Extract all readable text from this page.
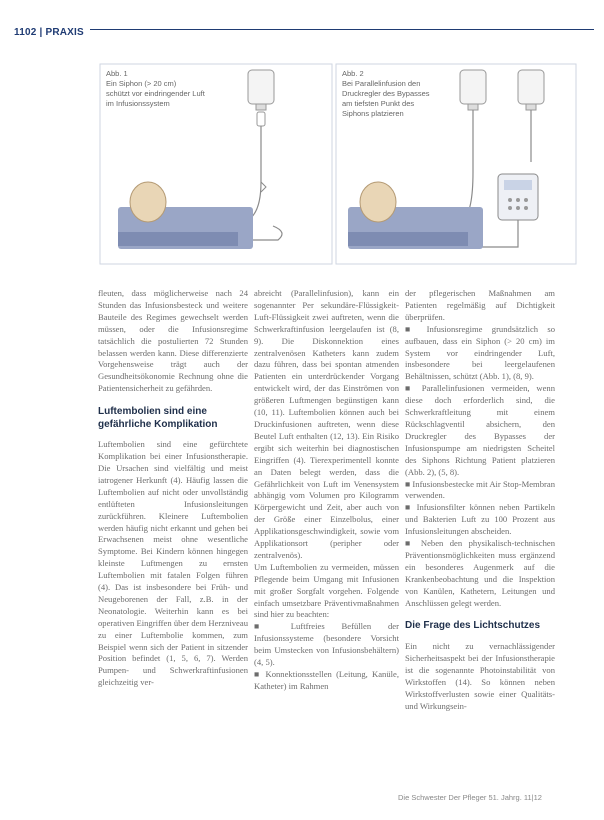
1102 | PRAXIS
Abb. 1 Ein Siphon (> 20 cm) schützt vor eindringender Luft im Infusionssystem
Abb. 2 Bei Parallelinfusion den Druckregler des Bypasses am tiefsten Punkt des Siphons platzieren

fleuten, dass möglicherweise nach 24 Stunden das Infusionsbesteck und weitere Bauteile des Regimes gewechselt werden müssen, oder die Infusionsregime tatsächlich die postulierten 72 Stunden belassen werden kann. Diese differenzierte Vorgehensweise trägt auch der Gesundheitsökonomie Rechnung ohne die Patientensicherheit zu gefährden.

Luftembolien sind eine gefährliche Komplikation

Luftembolien sind eine gefürchtete Komplikation bei einer Infusionstherapie. Die Ursachen sind vielfältig und meist iatrogener Herkunft (4). Häufig lassen die Luftembolien auf nicht oder unvollständig entlüfteten Infusionsleitungen zurückführen. Kleinere Luftembolien werden häufig nicht erkannt und gehen bei Erwachsenen meist ohne wesentliche Symptome. Bei Kindern können hingegen kleinste Luftmengen zu ernsten Luftembolien mit fatalen Folgen führen (4). Das ist insbesondere bei Früh- und Neugeborenen der Fall, z.B. in der Neonatologie. Weiterhin kann es bei operativen Eingriffen über dem Herzniveau zu einer Luftembolie kommen, zum Beispiel wenn sich der Patient in sitzender Position befindet (1, 5, 6, 7). Werden Pumpen- und Schwerkraftinfusionen gleichzeitig ver-

abreicht (Parallelinfusion), kann ein sogenannter Per sekundäre-Flüssigkeit-Luft-Flüssigkeit zwei auftreten, wenn die Schwerkraftinfusion leergelaufen ist (8, 9). Die Diskonnektion eines zentralvenösen Katheters kann zudem dazu führen, dass bei spontan atmenden Patienten ein unterdrückender Vorgang entwickelt wird, der das Einströmen von größeren Luftmengen begünstigen kann (10, 11). Luftembolien können auch bei Druckinfusionen auftreten, wenn diese Beutel Luft enthalten (12, 13). Ein Risiko ergibt sich weiterhin bei diagnostischen Eingriffen (4). Tierexperimentell konnte an Daten belegt werden, dass die Gefährlichkeit von Luft im Venensystem abhängig vom Volumen pro Kilogramm Körpergewicht und Zeit, aber auch von der Größe einer Einzelbolus, einer Applikationsgeschwindigkeit, sowie vom Applikationsort (peripher oder zentralvenös).

Um Luftembolien zu vermeiden, müssen Pflegende beim Umgang mit Infusionen mit großer Sorgfalt vorgehen. Folgende einfach umsetzbare Präventivmaßnahmen sind hier zu beachten:

■ Luftfreies Befüllen der Infusionssysteme (besondere Vorsicht beim Umstecken von Infusionsbehältern) (4, 5).

■ Konnektionsstellen (Leitung, Kanüle, Katheter) im Rahmen

der pflegerischen Maßnahmen am Patienten regelmäßig auf Dichtigkeit überprüfen.

■ Infusionsregime grundsätzlich so aufbauen, dass ein Siphon (> 20 cm) im System vor eindringender Luft, insbesondere bei leergelaufenen Behältnissen, schützt (Abb. 1), (8, 9).

■ Parallelinfusionen vermeiden, wenn diese doch erforderlich sind, die Schwerkraftleitung mit einem Rückschlagventil absichern, den Druckregler des Bypasses der Infusionspumpe am niedrigsten Scheitel des Siphons Richtung Patient platzieren (Abb. 2), (5, 8).

■ Infusionsbestecke mit Air Stop-Membran verwenden.

■ Infusionsfilter können neben Partikeln und Bakterien Luft zu 100 Prozent aus Infusionsleitungen abscheiden.

■ Neben den physikalisch-technischen Präventionsmöglichkeiten muss ergänzend ein besonderes Augenmerk auf die Krankenbeobachtung und die Inspektion von Kanülen, Kathetern, Leitungen und Anschlüssen gelegt werden.

Die Frage des Lichtschutzes

Ein nicht zu vernachlässigender Sicherheitsaspekt bei der Infusionstherapie ist die sogenannte Photoinstabilität von Wirkstoffen (14). So können neben Wirkstoffverlusten sowie einer Qualitäts- und Wirkungsein-

Die Schwester Der Pfleger 51. Jahrg. 11|12
